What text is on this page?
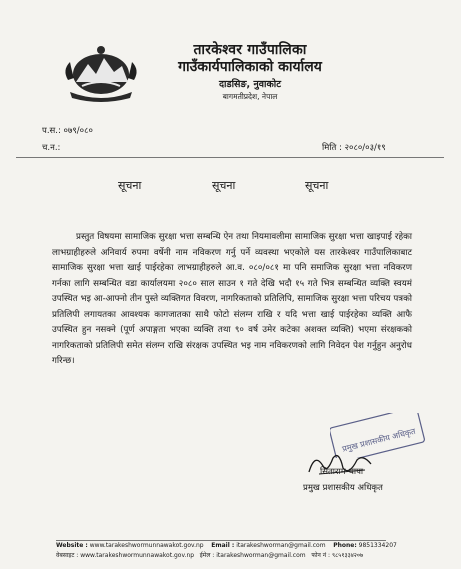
तारकेश्वर गाउँपालिका
गाउँकार्यपालिकाको कार्यालय
दाडसिङ, नुवाकोट
बागमतीप्रदेश, नेपाल
प.स.: ०७९/०८०
च.न.:	मिति : २०८०/०३/१९
सूचना	सूचना	सूचना

प्रस्तुत विषयमा सामाजिक सुरक्षा भत्ता सम्बन्धि ऐन तथा नियमावलीमा सामाजिक सुरक्षा भत्ता खाइपाई रहेका लाभग्राहीहरुले अनिवार्य रुपमा वर्षेनी नाम नविकरण गर्नु पर्ने व्यवस्था भएकोले यस तारकेश्वर गाउँपालिकाबाट सामाजिक सुरक्षा भत्ता खाई पाईरहेका लाभग्राहीहरुले आ.व. ०८०/०८१ मा पनि समाजिक सुरक्षा भत्ता नविकरण गर्नका लागि सम्बन्धित वडा कार्यालयमा २०८० साल साउन १ गते देखि भदौ १५ गते भित्र सम्बन्धित व्यक्ति स्वयमं उपस्थित भइ आ-आफ्नो तीन पुस्ते व्यक्तिगत विवरण, नागरिकताको प्रतिलिपि, सामाजिक सुरक्षा भत्ता परिचय पत्रको प्रतिलिपी लगायतका आवश्यक कागजातका साथै फोटो संलग्न राखि र यदि भत्ता खाई पाईरहेका व्यक्ति आफै उपस्थित हुन नसक्ने (पूर्ण अपाङ्गता भएका व्यक्ति तथा ९० वर्ष उमेर कटेका अशक्त व्यक्ति) भएमा संरक्षकको नागरिकताको प्रतिलिपी समेत संलग्न राखि संरक्षक उपस्थित भइ नाम नविकरणको लागि निवेदन पेश गर्नुहुन अनुरोध गरिन्छ।

प्रमुख प्रशासकीय अधिकृत
सिताराम थापा
प्रमुख प्रशासकीय अधिकृत
Website : www.tarakeshwormunnawakot.gov.np Email : itarakeshworman@gmail.com Phone: 9851334207
वेबसाइट : www.tarakeshwormunnawakot.gov.np ईमेल : itarakeshworman@gmail.com फोन नं : ९८५१३३४२०७
